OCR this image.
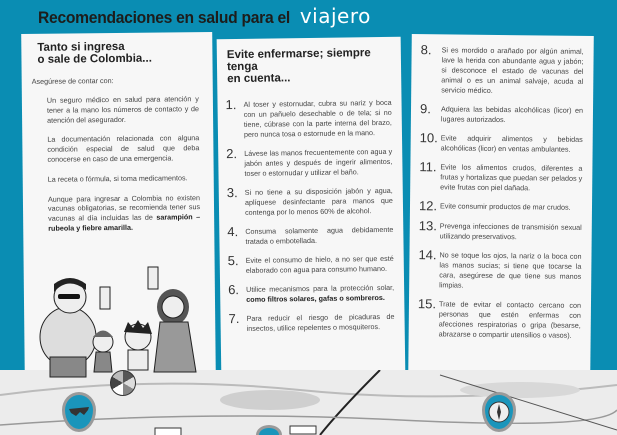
Recomendaciones en salud para el viajero
Tanto si ingresa
o sale de Colombia...
Asegúrese de contar con:

Un seguro médico en salud para atención y tener a la mano los números de contacto y de atención del asegurador.

La documentación relacionada con alguna condición especial de salud que deba conocerse en caso de una emergencia.

La receta o fórmula, si toma medicamentos.

Aunque para ingresar a Colombia no existen vacunas obligatorias, se recomienda tener sus vacunas al día incluidas las de sarampión – rubeola y fiebre amarilla.

Evite enfermarse; siempre tenga
en cuenta...
1. Al toser y estornudar, cubra su nariz y boca con un pañuelo desechable o de tela; si no tiene, cúbrase con la parte interna del brazo, pero nunca tosa o estornude en la mano.
2. Lávese las manos frecuentemente con agua y jabón antes y después de ingerir alimentos, toser o estornudar y utilizar el baño.
3. Si no tiene a su disposición jabón y agua, aplíquese desinfectante para manos que contenga por lo menos 60% de alcohol.
4. Consuma solamente agua debidamente tratada o embotellada.
5. Evite el consumo de hielo, a no ser que esté elaborado con agua para consumo humano.
6. Utilice mecanismos para la protección solar, como filtros solares, gafas o sombreros.
7. Para reducir el riesgo de picaduras de insectos, utilice repelentes o mosquiteros.
8.	Si es mordido o arañado por algún animal, lave la herida con abundante agua y jabón; si desconoce el estado de vacunas del animal o es un animal salvaje, acuda al servicio médico.
9.	Adquiera las bebidas alcohólicas (licor) en lugares autorizados.
10. Evite adquirir alimentos y bebidas alcohólicas (licor) en ventas ambulantes.
11. Evite los alimentos crudos, diferentes a frutas y hortalizas que puedan ser pelados y evite frutas con piel dañada.
12. Evite consumir productos de mar crudos.
13. Prevenga infecciones de transmisión sexual utilizando preservativos.
14. No se toque los ojos, la nariz o la boca con las manos sucias; si tiene que tocarse la cara, asegúrese de que tiene sus manos limpias.
15. Trate de evitar el contacto cercano con personas que estén enfermas con afecciones respiratorias o gripa (besarse, abrazarse o compartir utensilios o vasos).
